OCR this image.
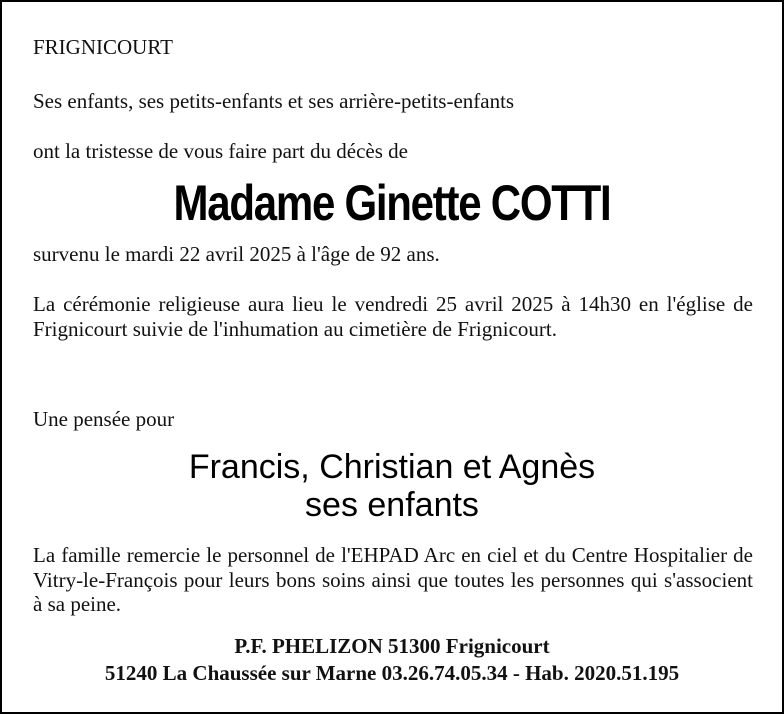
FRIGNICOURT

Ses enfants, ses petits-enfants et ses arrière-petits-enfants

ont la tristesse de vous faire part du décès de

Madame Ginette COTTI

survenu le mardi 22 avril 2025 à l'âge de 92 ans.

La cérémonie religieuse aura lieu le vendredi 25 avril 2025 à 14h30 en l'église de Frignicourt suivie de l'inhumation au cimetière de Frignicourt.

Une pensée pour

Francis, Christian et Agnès

ses enfants

La famille remercie le personnel de l'EHPAD Arc en ciel et du Centre Hospitalier de Vitry-le-François pour leurs bons soins ainsi que toutes les personnes qui s'associent à sa peine.

P.F. PHELIZON 51300 Frignicourt

51240 La Chaussée sur Marne 03.26.74.05.34 - Hab. 2020.51.195
